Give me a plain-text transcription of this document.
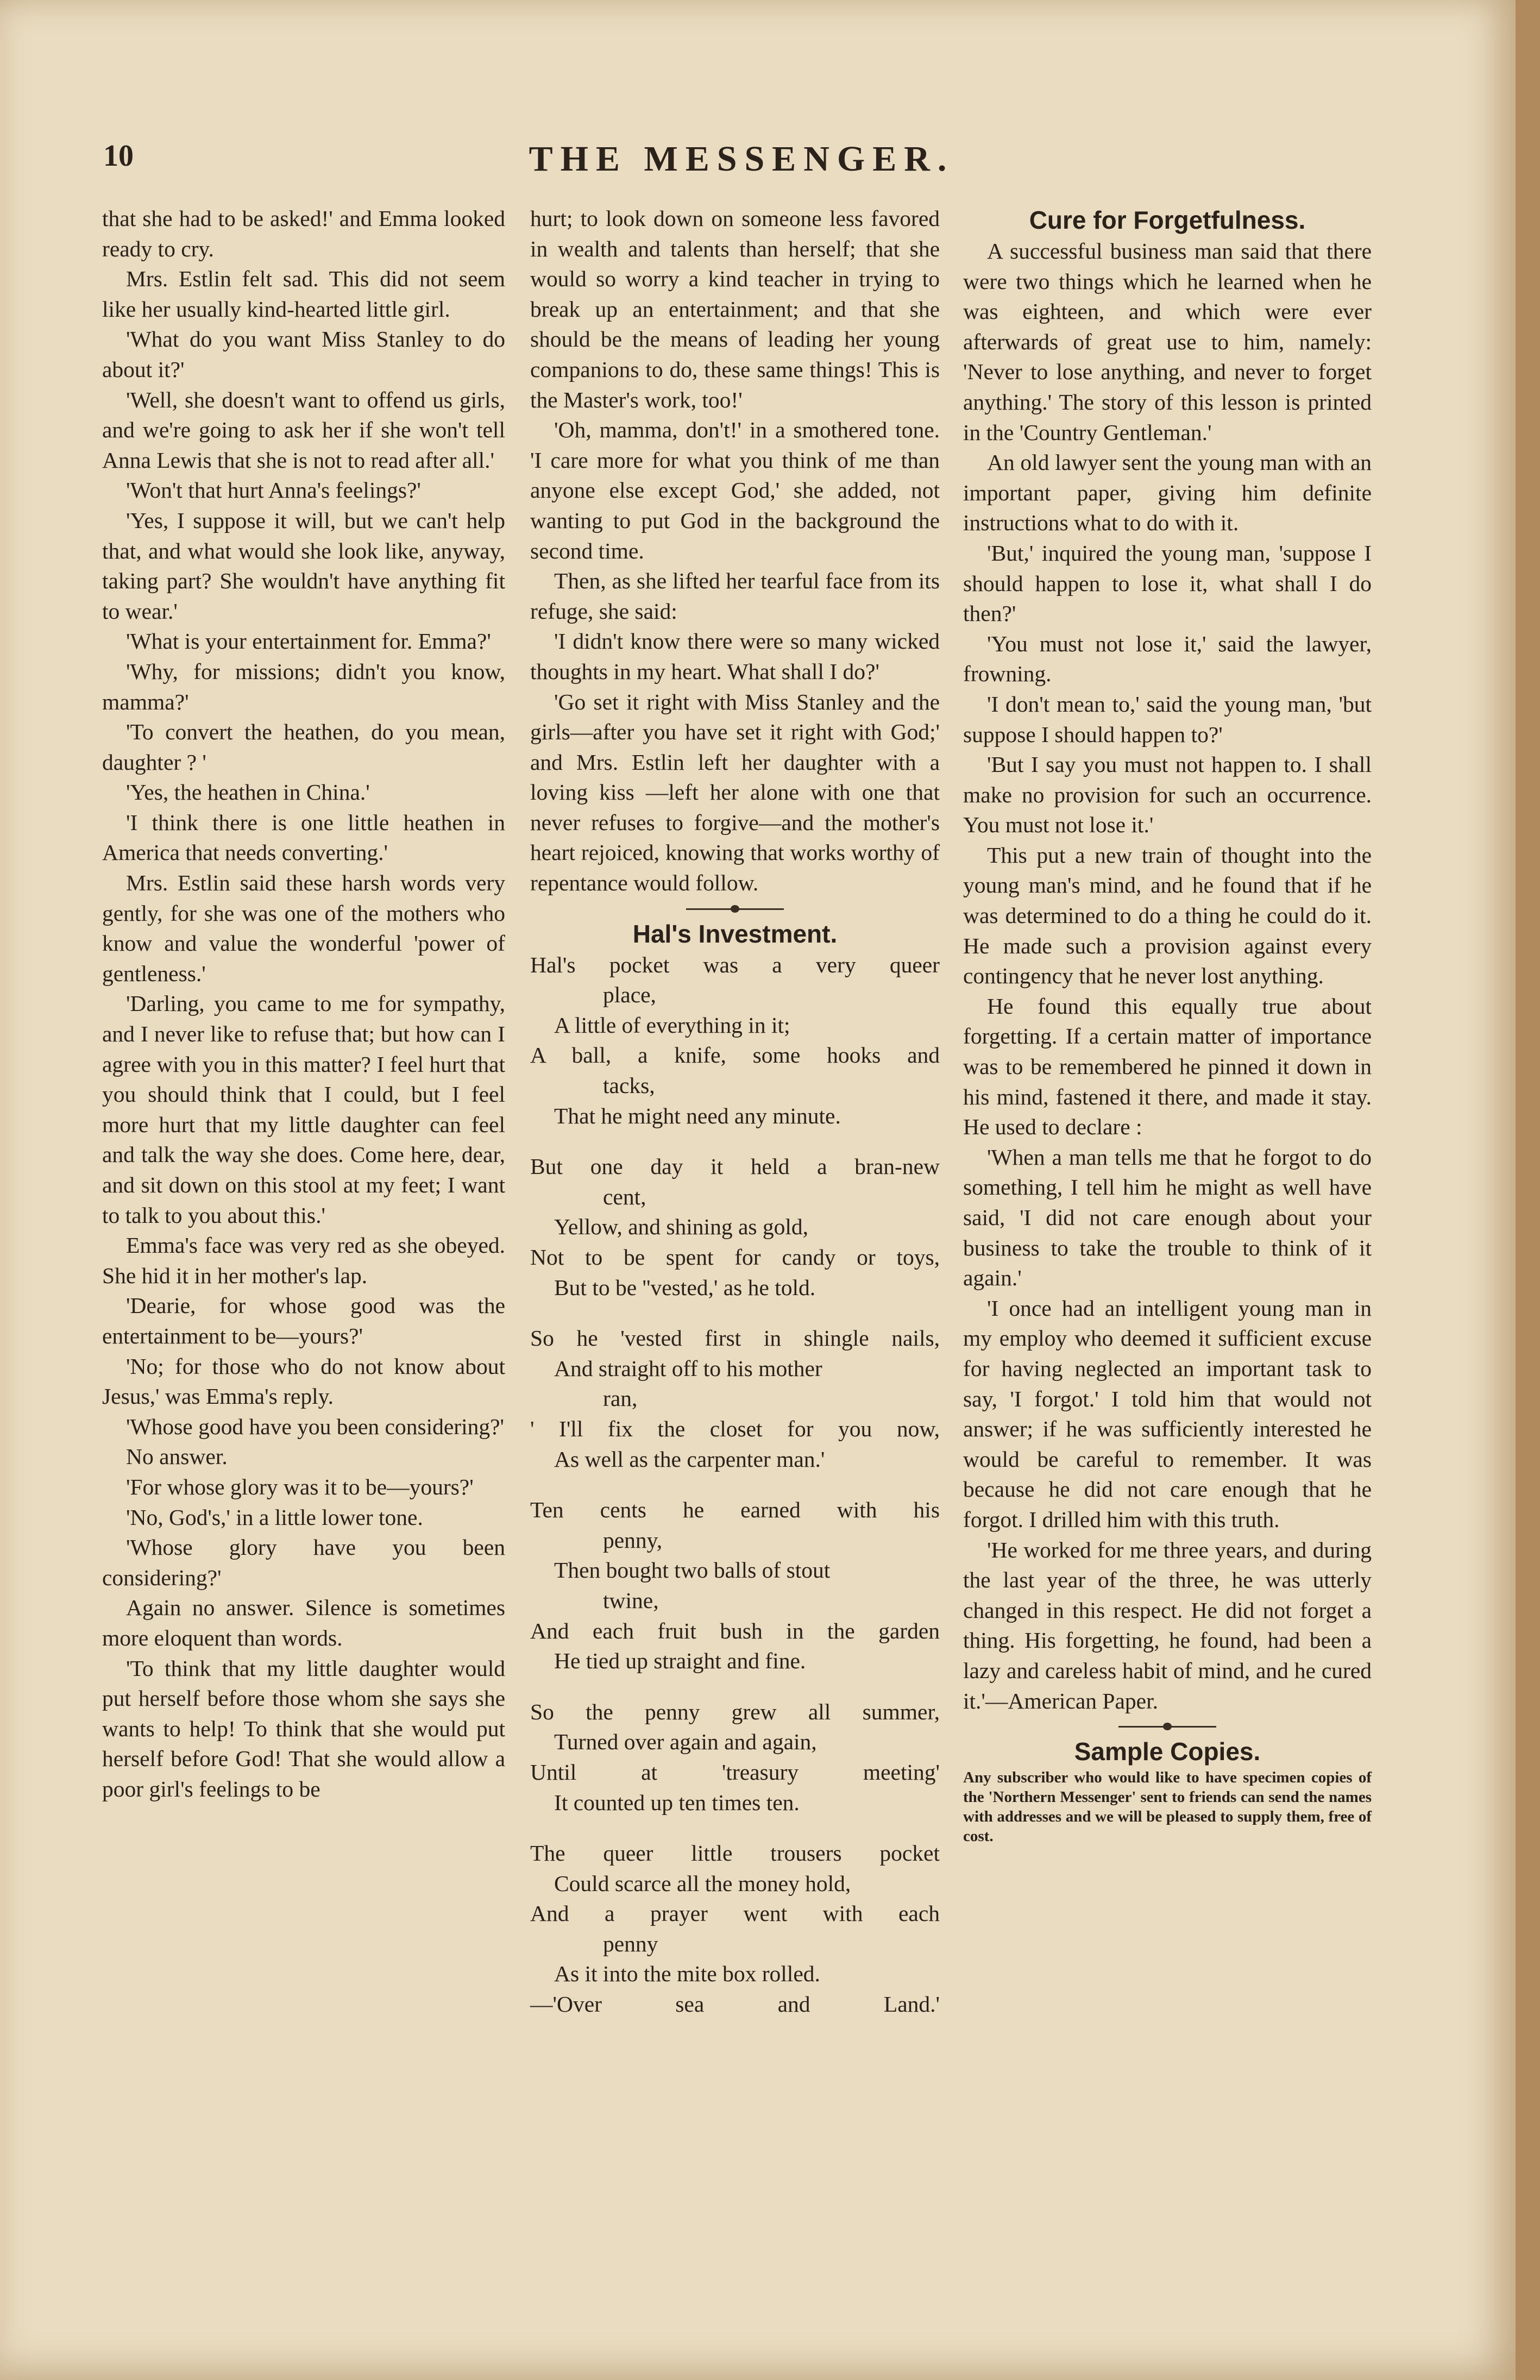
10	THE MESSENGER.

that she had to be asked!' and Emma looked ready to cry.

Mrs. Estlin felt sad. This did not seem like her usually kind-hearted little girl.

'What do you want Miss Stanley to do about it?'

'Well, she doesn't want to offend us girls, and we're going to ask her if she won't tell Anna Lewis that she is not to read after all.'

'Won't that hurt Anna's feelings?'

'Yes, I suppose it will, but we can't help that, and what would she look like, anyway, taking part? She wouldn't have anything fit to wear.'

'What is your entertainment for. Emma?'

'Why, for missions; didn't you know, mamma?'

'To convert the heathen, do you mean, daughter ? '

'Yes, the heathen in China.'

'I think there is one little heathen in America that needs converting.'

Mrs. Estlin said these harsh words very gently, for she was one of the mothers who know and value the wonderful 'power of gentleness.'

'Darling, you came to me for sympathy, and I never like to refuse that; but how can I agree with you in this matter? I feel hurt that you should think that I could, but I feel more hurt that my little daughter can feel and talk the way she does. Come here, dear, and sit down on this stool at my feet; I want to talk to you about this.'

Emma's face was very red as she obeyed. She hid it in her mother's lap.

'Dearie, for whose good was the entertainment to be—yours?'

'No; for those who do not know about Jesus,' was Emma's reply.

'Whose good have you been considering?'

No answer.

'For whose glory was it to be—yours?'

'No, God's,' in a little lower tone.

'Whose glory have you been considering?'

Again no answer. Silence is sometimes more eloquent than words.

'To think that my little daughter would put herself before those whom she says she wants to help! To think that she would put herself before God! That she would allow a poor girl's feelings to be

hurt; to look down on someone less favored in wealth and talents than herself; that she would so worry a kind teacher in trying to break up an entertainment; and that she should be the means of leading her young companions to do, these same things! This is the Master's work, too!'

'Oh, mamma, don't!' in a smothered tone. 'I care more for what you think of me than anyone else except God,' she added, not wanting to put God in the background the second time.

Then, as she lifted her tearful face from its refuge, she said:

'I didn't know there were so many wicked thoughts in my heart. What shall I do?'

'Go set it right with Miss Stanley and the girls—after you have set it right with God;' and Mrs. Estlin left her daughter with a loving kiss —left her alone with one that never refuses to forgive—and the mother's heart rejoiced, knowing that works worthy of repentance would follow.

Hal's Investment.

Hal's pocket was a very queer

place,

A little of everything in it;

A ball, a knife, some hooks and

tacks,

That he might need any minute.

But one day it held a bran-new

cent,

Yellow, and shining as gold,

Not to be spent for candy or toys,

But to be ''vested,' as he told.

So he 'vested first in shingle nails,

And straight off to his mother

ran,

' I'll fix the closet for you now,

As well as the carpenter man.'

Ten cents he earned with his

penny,

Then bought two balls of stout

twine,

And each fruit bush in the garden

He tied up straight and fine.

So the penny grew all summer,

Turned over again and again,

Until at 'treasury meeting'

It counted up ten times ten.

The queer little trousers pocket

Could scarce all the money hold,

And a prayer went with each

penny

As it into the mite box rolled.

—'Over sea and Land.'

Cure for Forgetfulness.

A successful business man said that there were two things which he learned when he was eighteen, and which were ever afterwards of great use to him, namely: 'Never to lose anything, and never to forget anything.' The story of this lesson is printed in the 'Country Gentleman.'

An old lawyer sent the young man with an important paper, giving him definite instructions what to do with it.

'But,' inquired the young man, 'suppose I should happen to lose it, what shall I do then?'

'You must not lose it,' said the lawyer, frowning.

'I don't mean to,' said the young man, 'but suppose I should happen to?'

'But I say you must not happen to. I shall make no provision for such an occurrence. You must not lose it.'

This put a new train of thought into the young man's mind, and he found that if he was determined to do a thing he could do it. He made such a provision against every contingency that he never lost anything.

He found this equally true about forgetting. If a certain matter of importance was to be remembered he pinned it down in his mind, fastened it there, and made it stay. He used to declare :

'When a man tells me that he forgot to do something, I tell him he might as well have said, 'I did not care enough about your business to take the trouble to think of it again.'

'I once had an intelligent young man in my employ who deemed it sufficient excuse for having neglected an important task to say, 'I forgot.' I told him that would not answer; if he was sufficiently interested he would be careful to remember. It was because he did not care enough that he forgot. I drilled him with this truth.

'He worked for me three years, and during the last year of the three, he was utterly changed in this respect. He did not forget a thing. His forgetting, he found, had been a lazy and careless habit of mind, and he cured it.'—American Paper.

Sample Copies.

Any subscriber who would like to have specimen copies of the 'Northern Messenger' sent to friends can send the names with addresses and we will be pleased to supply them, free of cost.
